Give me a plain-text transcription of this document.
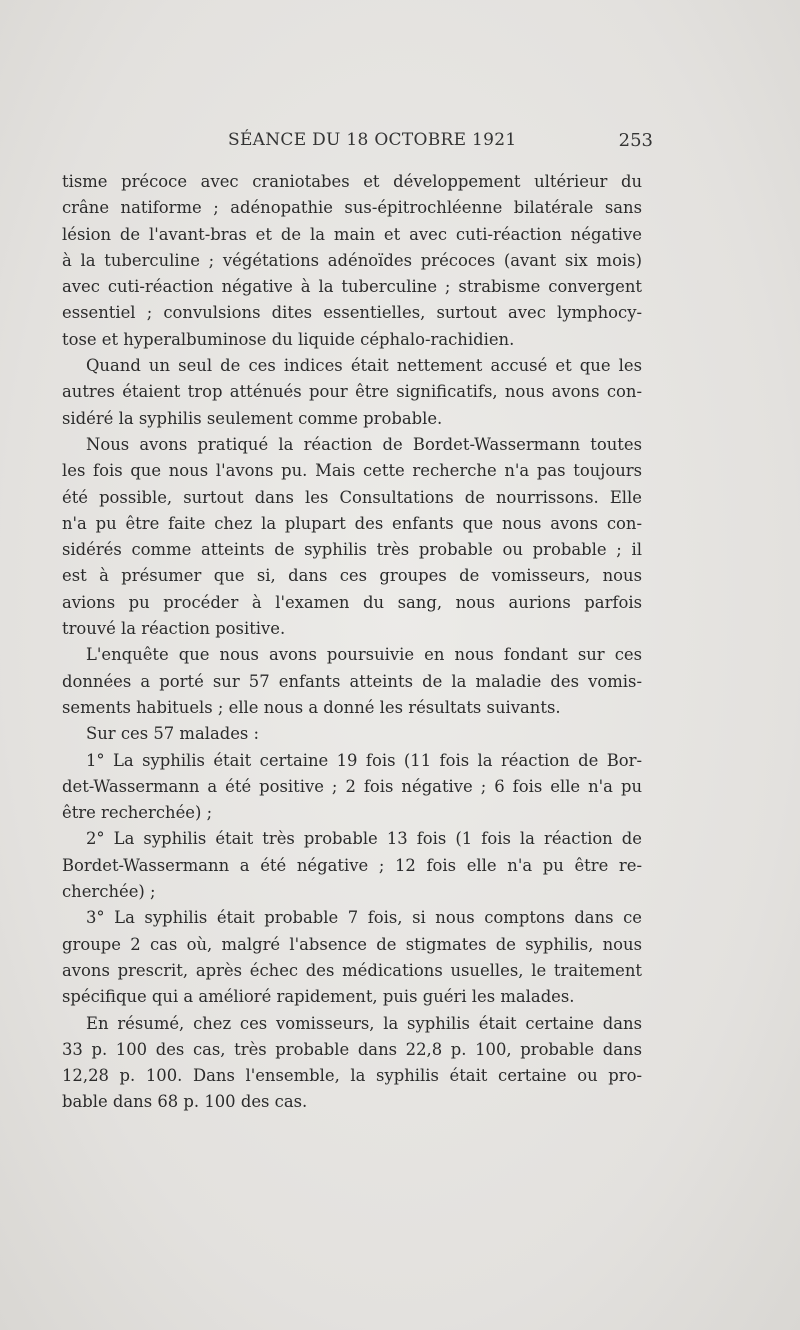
SÉANCE DU 18 OCTOBRE 1921	253
tisme précoce avec craniotabes et développement ultérieur du
crâne natiforme ; adénopathie sus-épitrochléenne bilatérale sans
lésion de l'avant-bras et de la main et avec cuti-réaction négative
à la tuberculine ; végétations adénoïdes précoces (avant six mois)
avec cuti-réaction négative à la tuberculine ; strabisme convergent
essentiel ; convulsions dites essentielles, surtout avec lymphocy-
tose et hyperalbuminose du liquide céphalo-rachidien.
Quand un seul de ces indices était nettement accusé et que les
autres étaient trop atténués pour être significatifs, nous avons con-
sidéré la syphilis seulement comme probable.
Nous avons pratiqué la réaction de Bordet-Wassermann toutes
les fois que nous l'avons pu. Mais cette recherche n'a pas toujours
été possible, surtout dans les Consultations de nourrissons. Elle
n'a pu être faite chez la plupart des enfants que nous avons con-
sidérés comme atteints de syphilis très probable ou probable ; il
est à présumer que si, dans ces groupes de vomisseurs, nous
avions pu procéder à l'examen du sang, nous aurions parfois
trouvé la réaction positive.
L'enquête que nous avons poursuivie en nous fondant sur ces
données a porté sur 57 enfants atteints de la maladie des vomis-
sements habituels ; elle nous a donné les résultats suivants.
Sur ces 57 malades :
1° La syphilis était certaine 19 fois (11 fois la réaction de Bor-
det-Wassermann a été positive ; 2 fois négative ; 6 fois elle n'a pu
être recherchée) ;
2° La syphilis était très probable 13 fois (1 fois la réaction de
Bordet-Wassermann a été négative ; 12 fois elle n'a pu être re-
cherchée) ;
3° La syphilis était probable 7 fois, si nous comptons dans ce
groupe 2 cas où, malgré l'absence de stigmates de syphilis, nous
avons prescrit, après échec des médications usuelles, le traitement
spécifique qui a amélioré rapidement, puis guéri les malades.
En résumé, chez ces vomisseurs, la syphilis était certaine dans
33 p. 100 des cas, très probable dans 22,8 p. 100, probable dans
12,28 p. 100. Dans l'ensemble, la syphilis était certaine ou pro-
bable dans 68 p. 100 des cas.
